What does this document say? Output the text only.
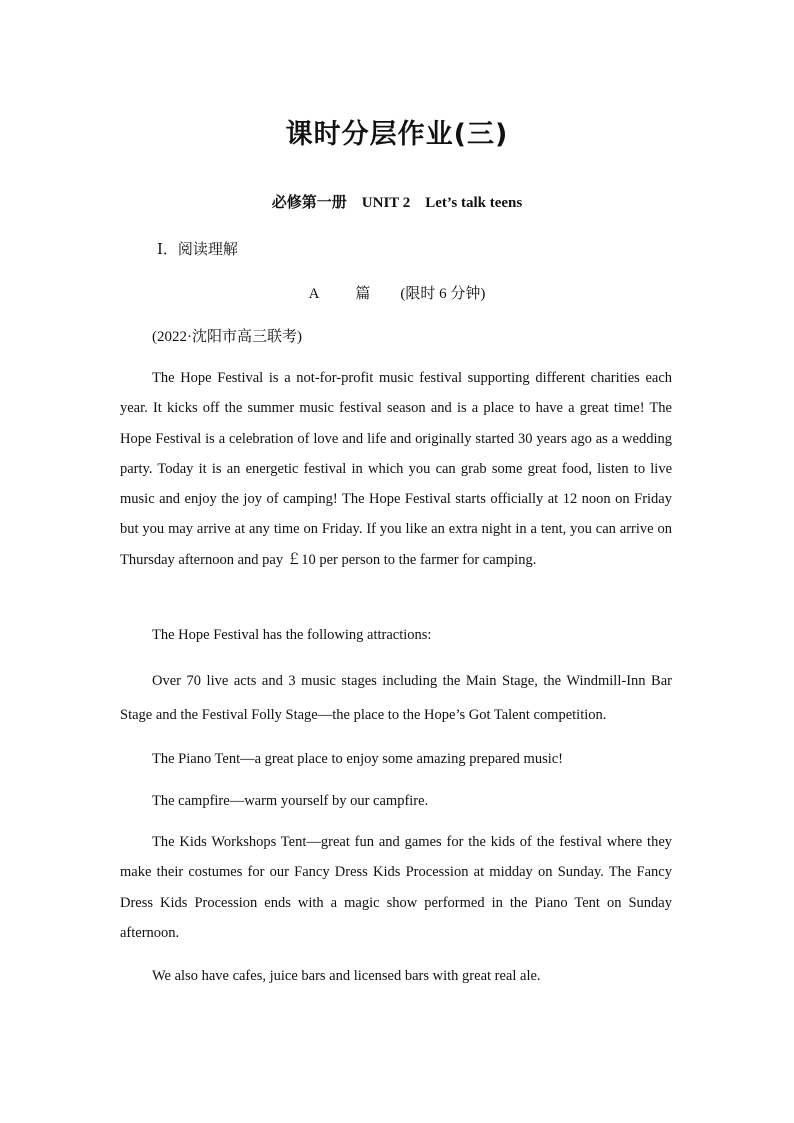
课时分层作业(三)
必修第一册　UNIT 2　Let’s talk teens
Ⅰ．阅读理解
A 篇 (限时 6 分钟)
(2022·沈阳市高三联考)
The Hope Festival is a not-for-profit music festival supporting different charities each year. It kicks off the summer music festival season and is a place to have a great time! The Hope Festival is a celebration of love and life and originally started 30 years ago as a wedding party. Today it is an energetic festival in which you can grab some great food, listen to live music and enjoy the joy of camping! The Hope Festival starts officially at 12 noon on Friday but you may arrive at any time on Friday. If you like an extra night in a tent, you can arrive on Thursday afternoon and pay ￡10 per person to the farmer for camping.
The Hope Festival has the following attractions:
Over 70 live acts and 3 music stages including the Main Stage, the Windmill-Inn Bar Stage and the Festival Folly Stage—the place to the Hope’s Got Talent competition.
The Piano Tent—a great place to enjoy some amazing prepared music!
The campfire—warm yourself by our campfire.
The Kids Workshops Tent—great fun and games for the kids of the festival where they make their costumes for our Fancy Dress Kids Procession at midday on Sunday. The Fancy Dress Kids Procession ends with a magic show performed in the Piano Tent on Sunday afternoon.
We also have cafes, juice bars and licensed bars with great real ale.
